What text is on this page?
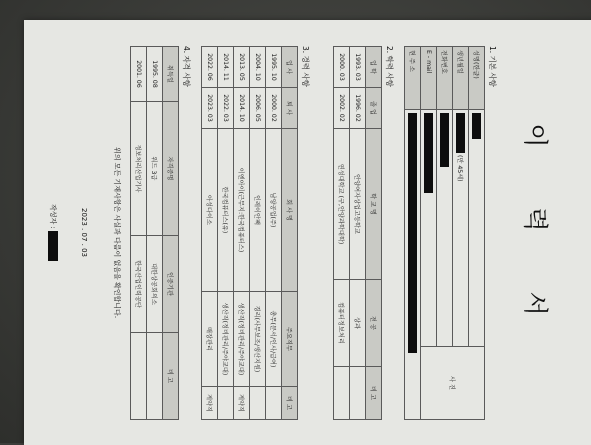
이 력 서
1. 기본 사항
성명(한글)		사 진
생년월일	(만 45세)	
전화번호		
E - mail		
현 주 소		
2. 학력 사항
입 학	졸 업	학 교 명	전 공	비 고
1993. 03	1996. 02	안양여자상업고등학교	상과	
2000. 03	2002. 02	연성대학교 (구,안양과학대학)	컴퓨터정보처리	
3. 경력 사항
입 사	퇴 사	회 사 명	주요직무	비 고
1995. 10	2000. 02	남양공업(주)	총무(문서/인사/급여)	
2004. 10	2006. 05	인레이안팩	경리(사무보조/생산지원)	
2013. 05	2014. 10	이엔아이(근무지:한국컴퓨터스)	생산직(정비관리/주야교대)	계약직
2014. 11	2022. 03	한국컴퓨터스(유)	생산직(정비관리/주야교대)	
2022. 06	2023. 03	아성다이소	매장관리	계약직
4. 자격 사항
취득일	자격증명	인증기관	비 고
1995. 08	워드 3급	대한상공회의소	
2001. 06	정보처리산업기사	한국산업인력공단	
위의 모든 기재사항은 사실과 다름이 없음을 확인합니다.
2023 . 07 . 03
작성자 :
